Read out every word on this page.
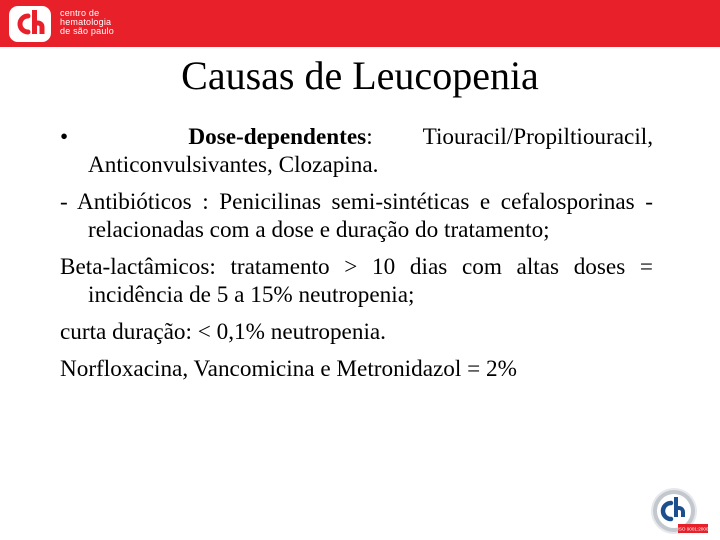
centro de
hematologia
de são paulo
Causas de Leucopenia
•	Dose-dependentes: Tiouracil/Propiltiouracil, Anticonvulsivantes, Clozapina.
- Antibióticos : Penicilinas semi-sintéticas e cefalosporinas - relacionadas com a dose e duração do tratamento;
Beta-lactâmicos: tratamento > 10 dias com altas doses = incidência de 5 a 15% neutropenia;
curta duração: < 0,1% neutropenia.
Norfloxacina, Vancomicina e Metronidazol = 2%
ISO 9001:2000
